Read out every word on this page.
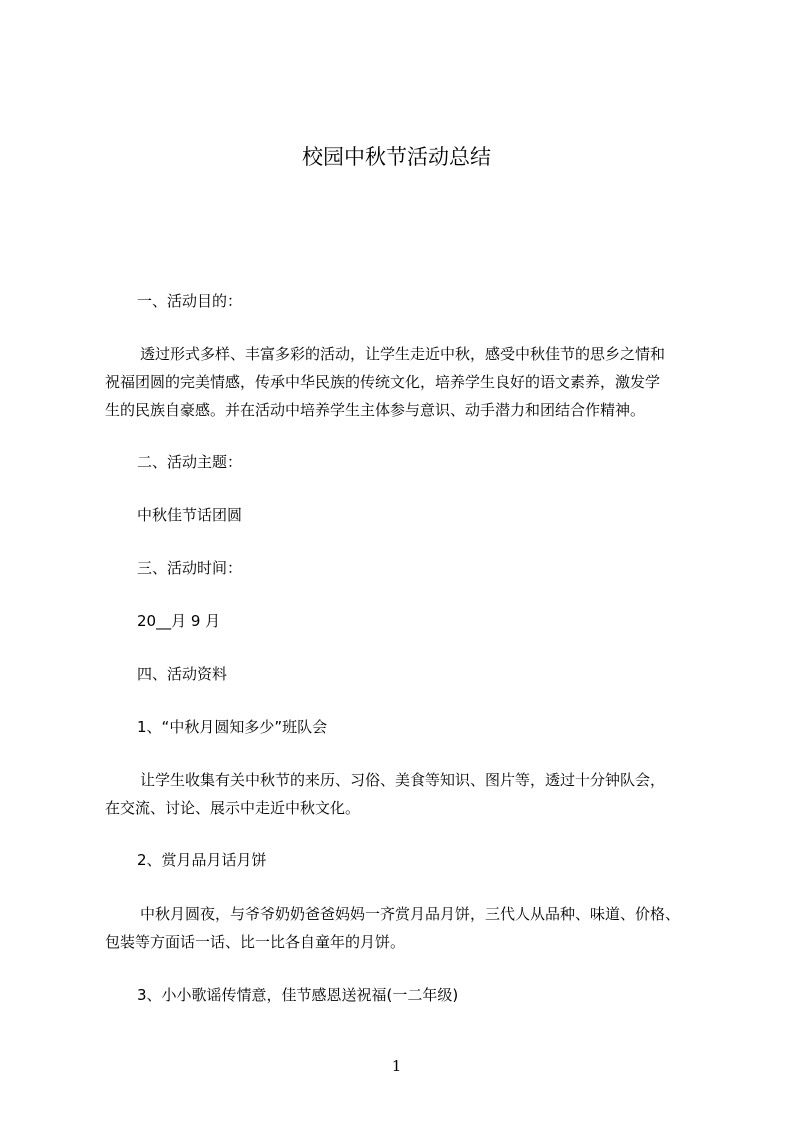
校园中秋节活动总结
一、活动目的：
透过形式多样、丰富多彩的活动，让学生走近中秋，感受中秋佳节的思乡之情和
祝福团圆的完美情感，传承中华民族的传统文化，培养学生良好的语文素养，激发学
生的民族自豪感。并在活动中培养学生主体参与意识、动手潜力和团结合作精神。
二、活动主题：
中秋佳节话团圆
三、活动时间：
20__月 9 月
四、活动资料
1、“中秋月圆知多少”班队会
让学生收集有关中秋节的来历、习俗、美食等知识、图片等，透过十分钟队会，
在交流、讨论、展示中走近中秋文化。
2、赏月品月话月饼
中秋月圆夜，与爷爷奶奶爸爸妈妈一齐赏月品月饼，三代人从品种、味道、价格、
包装等方面话一话、比一比各自童年的月饼。
3、小小歌谣传情意，佳节感恩送祝福(一二年级)
1
